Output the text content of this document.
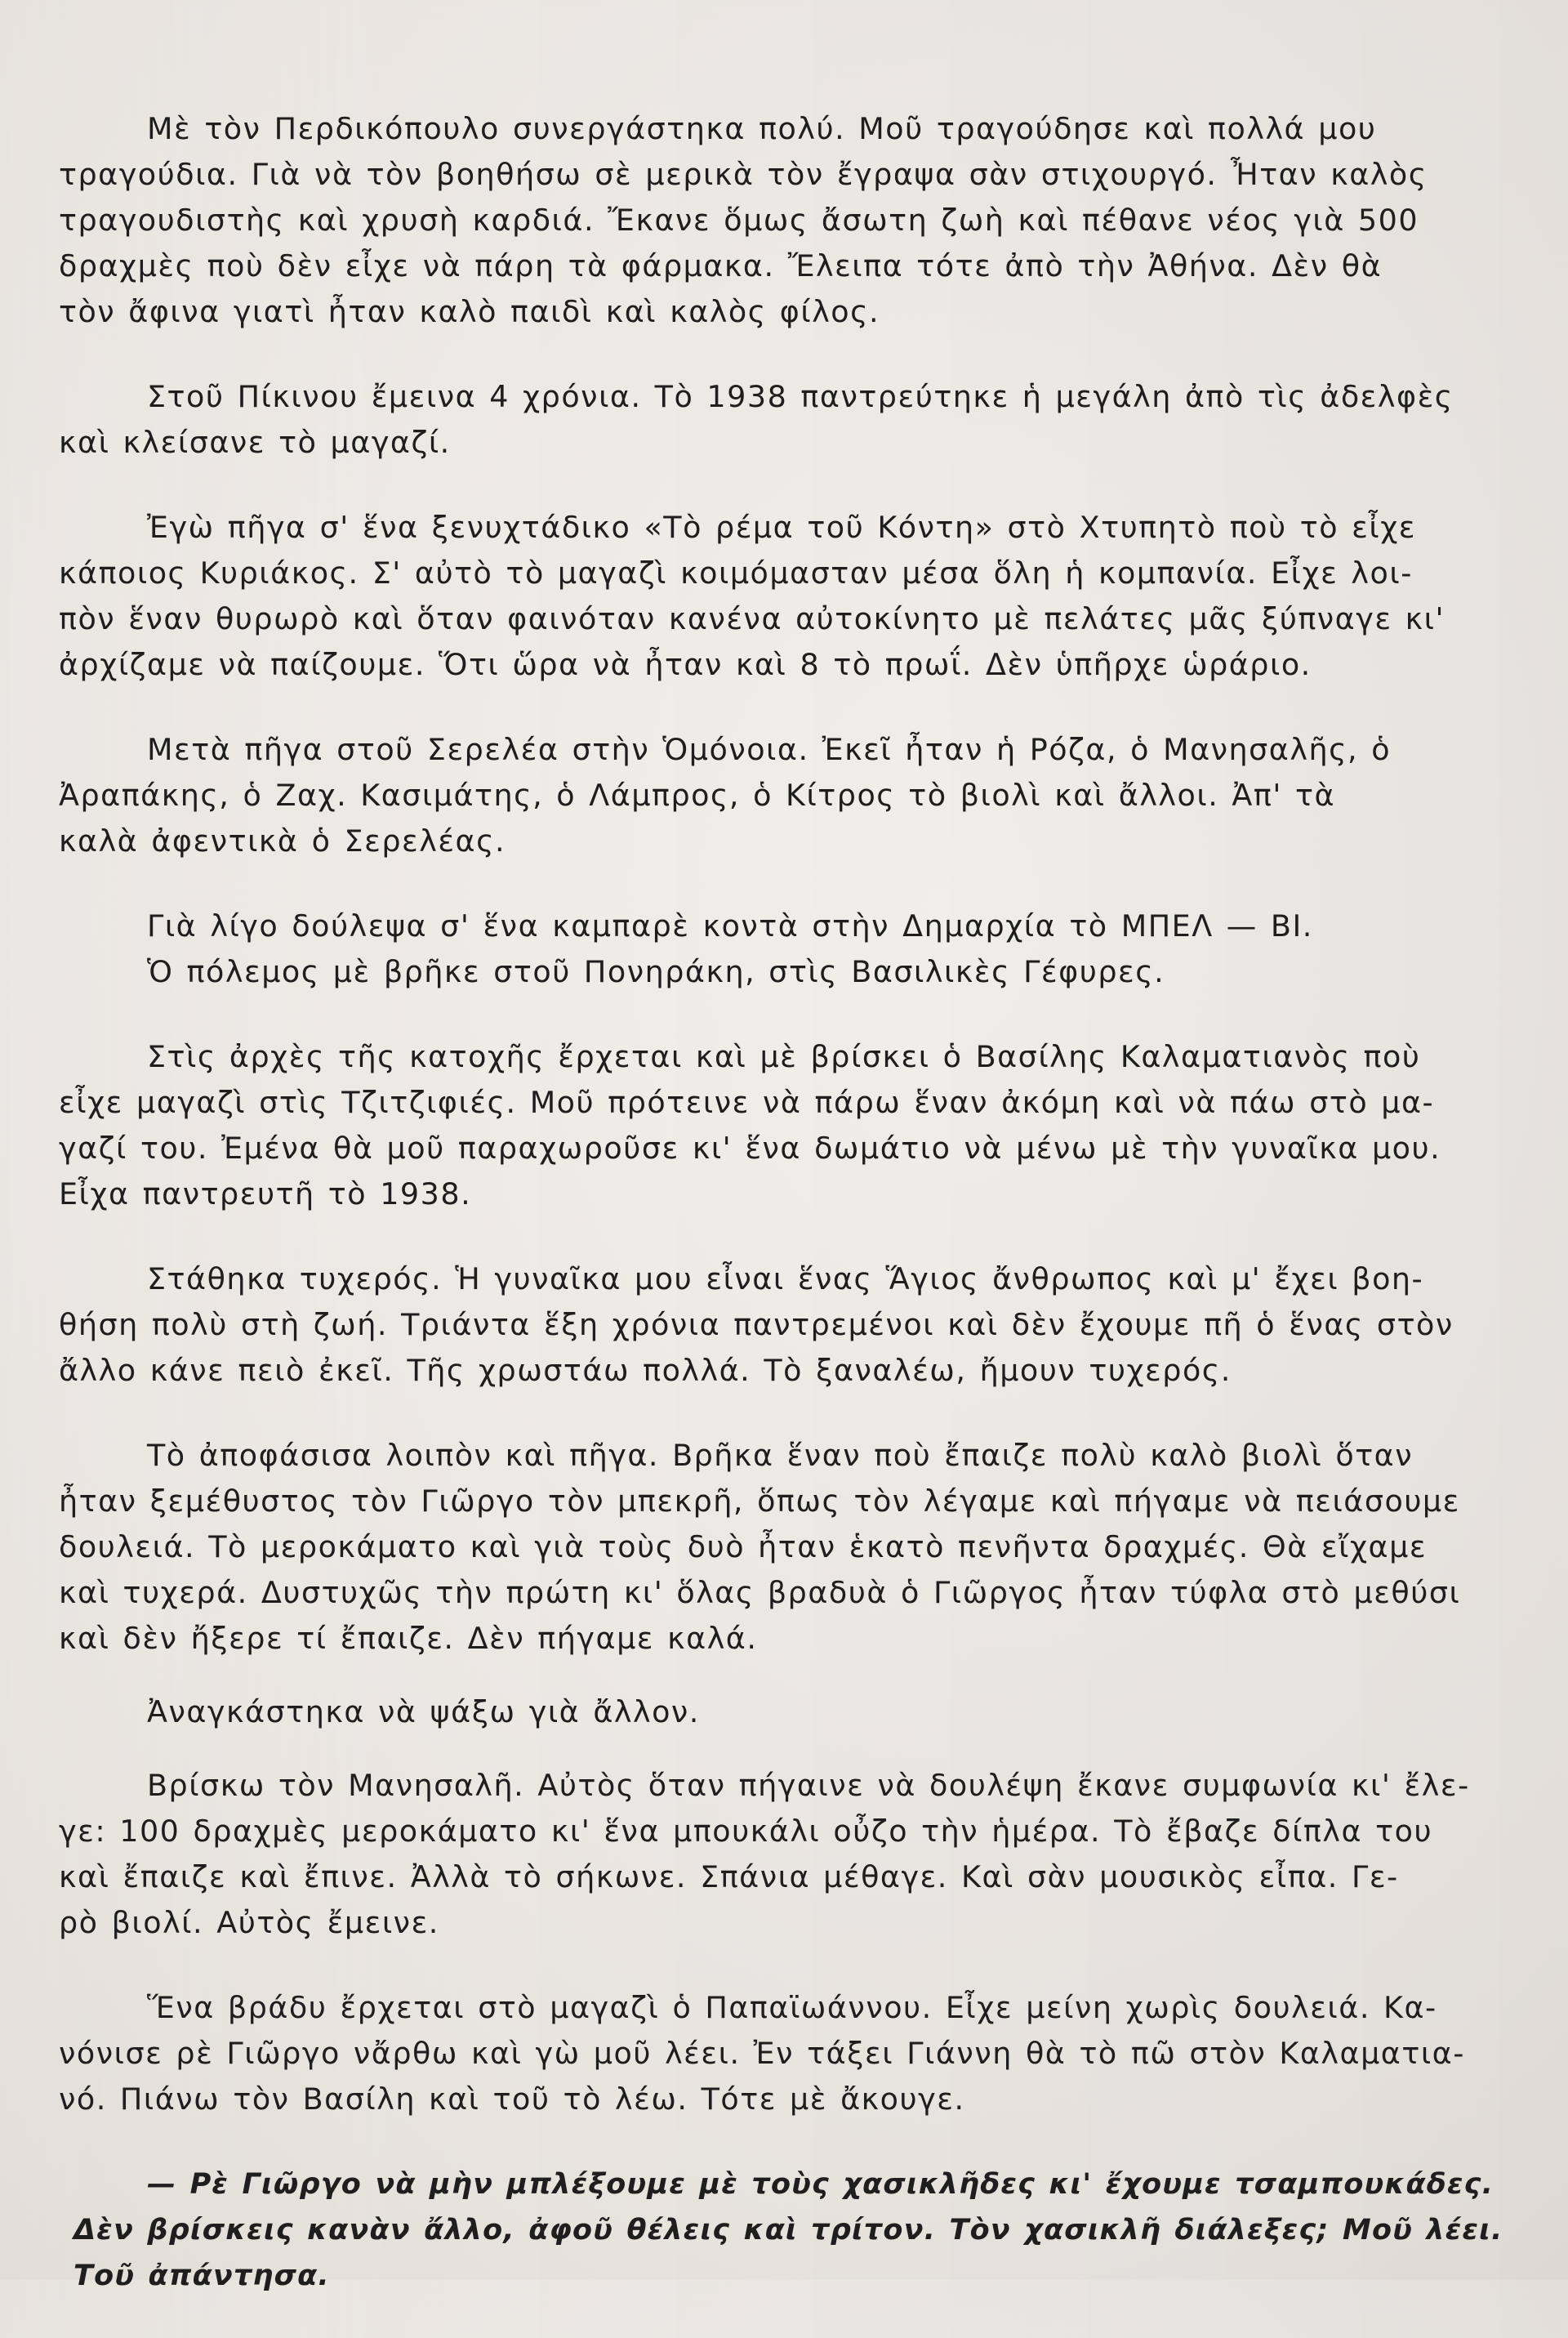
Μὲ τὸν Περδικόπουλο συνεργάστηκα πολύ. Μοῦ τραγούδησε καὶ πολλά μου
τραγούδια. Γιὰ νὰ τὸν βοηθήσω σὲ μερικὰ τὸν ἔγραψα σὰν στιχουργό. Ἦταν καλὸς
τραγουδιστὴς καὶ χρυσὴ καρδιά. Ἔκανε ὅμως ἄσωτη ζωὴ καὶ πέθανε νέος γιὰ 500
δραχμὲς ποὺ δὲν εἶχε νὰ πάρη τὰ φάρμακα. Ἔλειπα τότε ἀπὸ τὴν Ἀθήνα. Δὲν θὰ
τὸν ἄφινα γιατὶ ἦταν καλὸ παιδὶ καὶ καλὸς φίλος.

Στοῦ Πίκινου ἔμεινα 4 χρόνια. Τὸ 1938 παντρεύτηκε ἡ μεγάλη ἀπὸ τὶς ἀδελφὲς
καὶ κλείσανε τὸ μαγαζί.

Ἐγὼ πῆγα σ' ἕνα ξενυχτάδικο «Τὸ ρέμα τοῦ Κόντη» στὸ Χτυπητὸ ποὺ τὸ εἶχε
κάποιος Κυριάκος. Σ' αὐτὸ τὸ μαγαζὶ κοιμόμασταν μέσα ὅλη ἡ κομπανία. Εἶχε λοι-
πὸν ἕναν θυρωρὸ καὶ ὅταν φαινόταν κανένα αὐτοκίνητο μὲ πελάτες μᾶς ξύπναγε κι'
ἀρχίζαμε νὰ παίζουμε. Ὅτι ὥρα νὰ ἦταν καὶ 8 τὸ πρωΐ. Δὲν ὑπῆρχε ὡράριο.

Μετὰ πῆγα στοῦ Σερελέα στὴν Ὁμόνοια. Ἐκεῖ ἦταν ἡ Ρόζα, ὁ Μανησαλῆς, ὁ
Ἀραπάκης, ὁ Ζαχ. Κασιμάτης, ὁ Λάμπρος, ὁ Κίτρος τὸ βιολὶ καὶ ἄλλοι. Ἀπ' τὰ
καλὰ ἀφεντικὰ ὁ Σερελέας.

Γιὰ λίγο δούλεψα σ' ἕνα καμπαρὲ κοντὰ στὴν Δημαρχία τὸ ΜΠΕΛ — ΒΙ.
Ὁ πόλεμος μὲ βρῆκε στοῦ Πονηράκη, στὶς Βασιλικὲς Γέφυρες.

Στὶς ἀρχὲς τῆς κατοχῆς ἔρχεται καὶ μὲ βρίσκει ὁ Βασίλης Καλαματιανὸς ποὺ
εἶχε μαγαζὶ στὶς Τζιτζιφιές. Μοῦ πρότεινε νὰ πάρω ἕναν ἀκόμη καὶ νὰ πάω στὸ μα-
γαζί του. Ἐμένα θὰ μοῦ παραχωροῦσε κι' ἕνα δωμάτιο νὰ μένω μὲ τὴν γυναῖκα μου.
Εἶχα παντρευτῆ τὸ 1938.

Στάθηκα τυχερός. Ἡ γυναῖκα μου εἶναι ἕνας Ἅγιος ἄνθρωπος καὶ μ' ἔχει βοη-
θήση πολὺ στὴ ζωή. Τριάντα ἕξη χρόνια παντρεμένοι καὶ δὲν ἔχουμε πῆ ὁ ἕνας στὸν
ἄλλο κάνε πειὸ ἐκεῖ. Τῆς χρωστάω πολλά. Τὸ ξαναλέω, ἤμουν τυχερός.

Τὸ ἀποφάσισα λοιπὸν καὶ πῆγα. Βρῆκα ἕναν ποὺ ἔπαιζε πολὺ καλὸ βιολὶ ὅταν
ἦταν ξεμέθυστος τὸν Γιῶργο τὸν μπεκρῆ, ὅπως τὸν λέγαμε καὶ πήγαμε νὰ πειάσουμε
δουλειά. Τὸ μεροκάματο καὶ γιὰ τοὺς δυὸ ἦταν ἑκατὸ πενῆντα δραχμές. Θὰ εἴχαμε
καὶ τυχερά. Δυστυχῶς τὴν πρώτη κι' ὅλας βραδυὰ ὁ Γιῶργος ἦταν τύφλα στὸ μεθύσι
καὶ δὲν ἤξερε τί ἔπαιζε. Δὲν πήγαμε καλά.

Ἀναγκάστηκα νὰ ψάξω γιὰ ἄλλον.

Βρίσκω τὸν Μανησαλῆ. Αὐτὸς ὅταν πήγαινε νὰ δουλέψη ἔκανε συμφωνία κι' ἔλε-
γε: 100 δραχμὲς μεροκάματο κι' ἕνα μπουκάλι οὖζο τὴν ἡμέρα. Τὸ ἔβαζε δίπλα του
καὶ ἔπαιζε καὶ ἔπινε. Ἀλλὰ τὸ σήκωνε. Σπάνια μέθαγε. Καὶ σὰν μουσικὸς εἶπα. Γε-
ρὸ βιολί. Αὐτὸς ἔμεινε.

Ἕνα βράδυ ἔρχεται στὸ μαγαζὶ ὁ Παπαϊωάννου. Εἶχε μείνη χωρὶς δουλειά. Κα-
νόνισε ρὲ Γιῶργο νἄρθω καὶ γὼ μοῦ λέει. Ἐν τάξει Γιάννη θὰ τὸ πῶ στὸν Καλαματια-
νό. Πιάνω τὸν Βασίλη καὶ τοῦ τὸ λέω. Τότε μὲ ἄκουγε.

— Ρὲ Γιῶργο νὰ μὴν μπλέξουμε μὲ τοὺς χασικλῆδες κι' ἔχουμε τσαμπουκάδες.
Δὲν βρίσκεις κανὰν ἄλλο, ἀφοῦ θέλεις καὶ τρίτον. Τὸν χασικλῆ διάλεξες; Μοῦ λέει.
Τοῦ ἀπάντησα.
